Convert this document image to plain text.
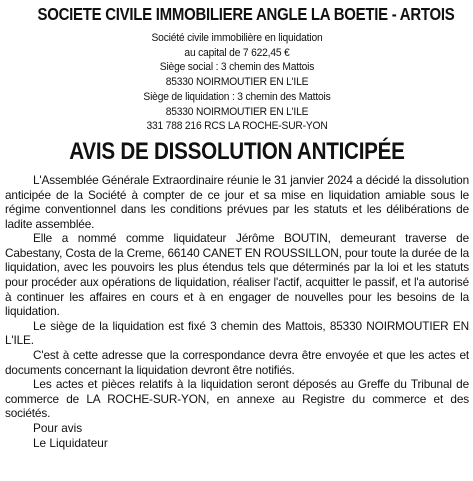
SOCIETE CIVILE IMMOBILIERE ANGLE LA BOETIE - ARTOIS
Société civile immobilière en liquidation
au capital de 7 622,45 €
Siège social : 3 chemin des Mattois
85330 NOIRMOUTIER EN L'ILE
Siège de liquidation : 3 chemin des Mattois
85330 NOIRMOUTIER EN L'ILE
331 788 216 RCS LA ROCHE-SUR-YON
AVIS DE DISSOLUTION ANTICIPÉE

L'Assemblée Générale Extraordinaire réunie le 31 janvier 2024 a décidé la dissolution anticipée de la Société à compter de ce jour et sa mise en liquidation amiable sous le régime conventionnel dans les conditions prévues par les statuts et les délibérations de ladite assemblée.

Elle a nommé comme liquidateur Jérôme BOUTIN, demeurant traverse de Cabestany, Costa de la Creme, 66140 CANET EN ROUSSILLON, pour toute la durée de la liquidation, avec les pouvoirs les plus étendus tels que déterminés par la loi et les statuts pour procéder aux opérations de liquidation, réaliser l'actif, acquitter le passif, et l'a autorisé à continuer les affaires en cours et à en engager de nouvelles pour les besoins de la liquidation.

Le siège de la liquidation est fixé 3 chemin des Mattois, 85330 NOIRMOUTIER EN L'ILE.

C'est à cette adresse que la correspondance devra être envoyée et que les actes et documents concernant la liquidation devront être notifiés.

Les actes et pièces relatifs à la liquidation seront déposés au Greffe du Tribunal de commerce de LA ROCHE-SUR-YON, en annexe au Registre du commerce et des sociétés.

Pour avis
Le Liquidateur
